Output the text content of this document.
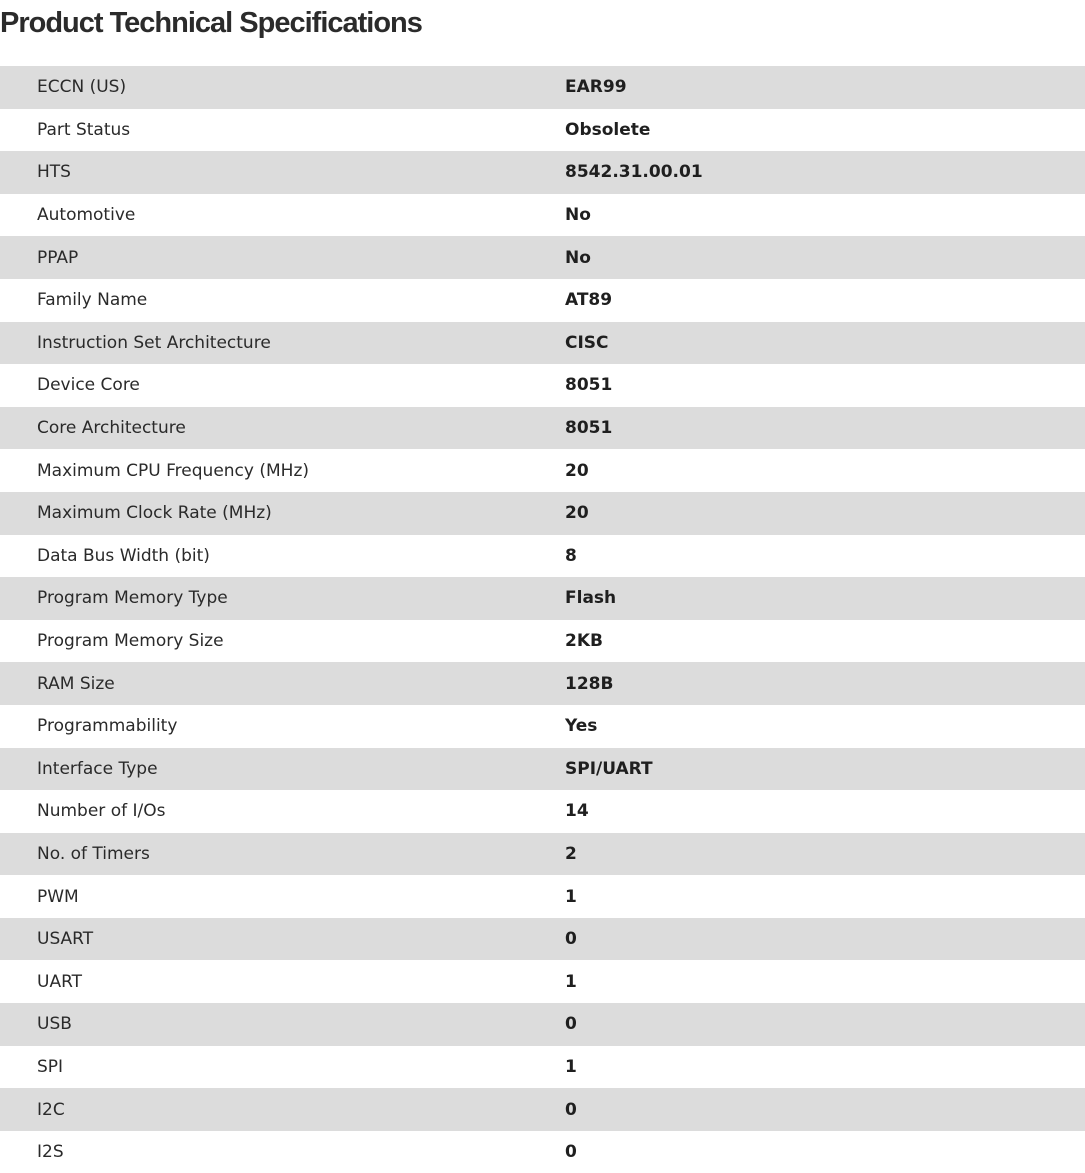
Product Technical Specifications
ECCN (US)	EAR99
Part Status	Obsolete
HTS	8542.31.00.01
Automotive	No
PPAP	No
Family Name	AT89
Instruction Set Architecture	CISC
Device Core	8051
Core Architecture	8051
Maximum CPU Frequency (MHz)	20
Maximum Clock Rate (MHz)	20
Data Bus Width (bit)	8
Program Memory Type	Flash
Program Memory Size	2KB
RAM Size	128B
Programmability	Yes
Interface Type	SPI/UART
Number of I/Os	14
No. of Timers	2
PWM	1
USART	0
UART	1
USB	0
SPI	1
I2C	0
I2S	0
